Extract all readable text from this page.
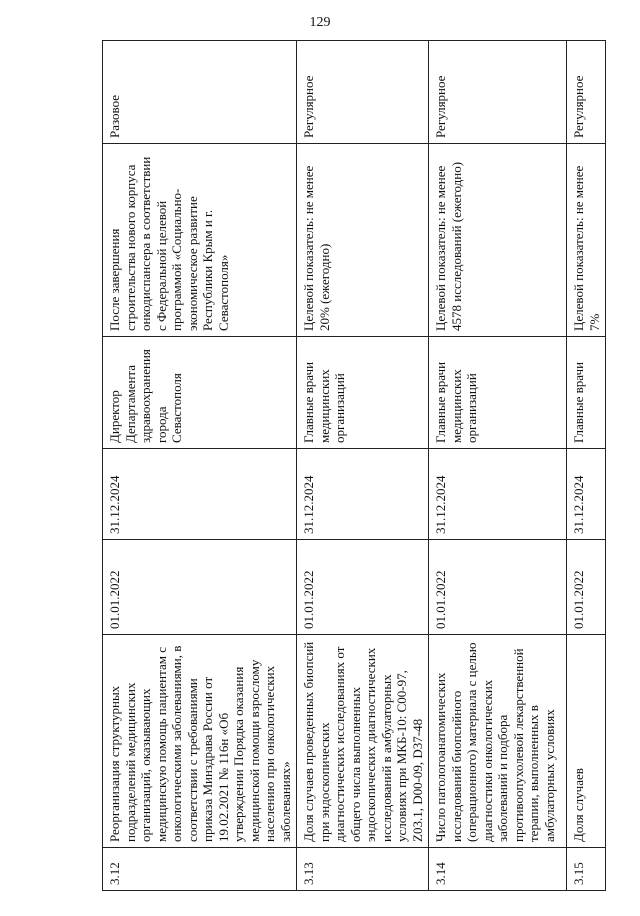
129
3.12	Реорганизация структурных подразделений медицинских организаций, оказывающих медицинскую помощь пациентам с онкологическими заболеваниями, в соответствии с требованиями приказа Минздрава России от 19.02.2021 № 116н «Об утверждении Порядка оказания медицинской помощи взрослому населению при онкологических заболеваниях»	01.01.2022	31.12.2024	Директор Департамента здравоохранения города Севастополя	После завершения строительства нового корпуса онкодиспансера в соответствии с Федеральной целевой программой «Социально-экономическое развитие Республики Крым и г. Севастополя»	Разовое
3.13	Доля случаев проведенных биопсий при эндоскопических диагностических исследованиях от общего числа выполненных эндоскопических диагностических исследований в амбулаторных условиях при МКБ-10: С00-97, Z03.1, D00-09, D37-48	01.01.2022	31.12.2024	Главные врачи медицинских организаций	Целевой показатель: не менее 20% (ежегодно)	Регулярное
3.14	Число патологоанатомических исследований биопсийного (операционного) материала с целью диагностики онкологических заболеваний и подбора противоопухолевой лекарственной терапии, выполненных в амбулаторных условиях	01.01.2022	31.12.2024	Главные врачи медицинских организаций	Целевой показатель: не менее 4578 исследований (ежегодно)	Регулярное
3.15	Доля случаев	01.01.2022	31.12.2024	Главные врачи	Целевой показатель: не менее 7%	Регулярное
